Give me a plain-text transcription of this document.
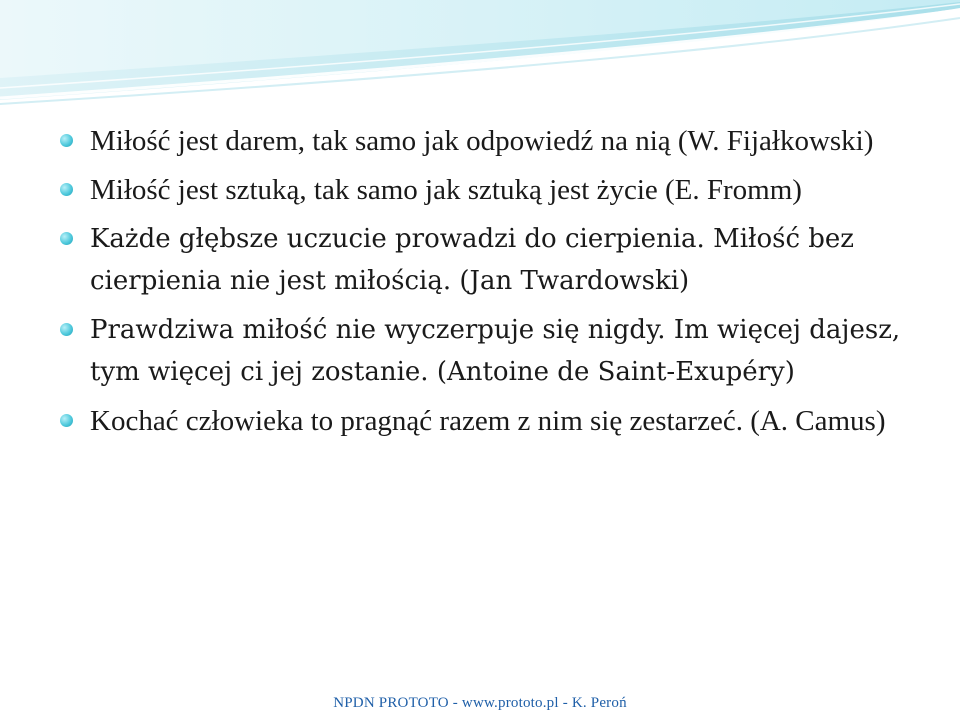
Miłość jest darem, tak samo jak odpowiedź na nią (W. Fijałkowski)
Miłość jest sztuką, tak samo jak sztuką jest życie (E. Fromm)
Każde głębsze uczucie prowadzi do cierpienia. Miłość bez cierpienia nie jest miłością. (Jan Twardowski)
Prawdziwa miłość nie wyczerpuje się nigdy. Im więcej dajesz, tym więcej ci jej zostanie. (Antoine de Saint-Exupéry)
Kochać człowieka to pragnąć razem z nim się zestarzeć. (A. Camus)
NPDN PROTOTO - www.prototo.pl - K. Peroń
